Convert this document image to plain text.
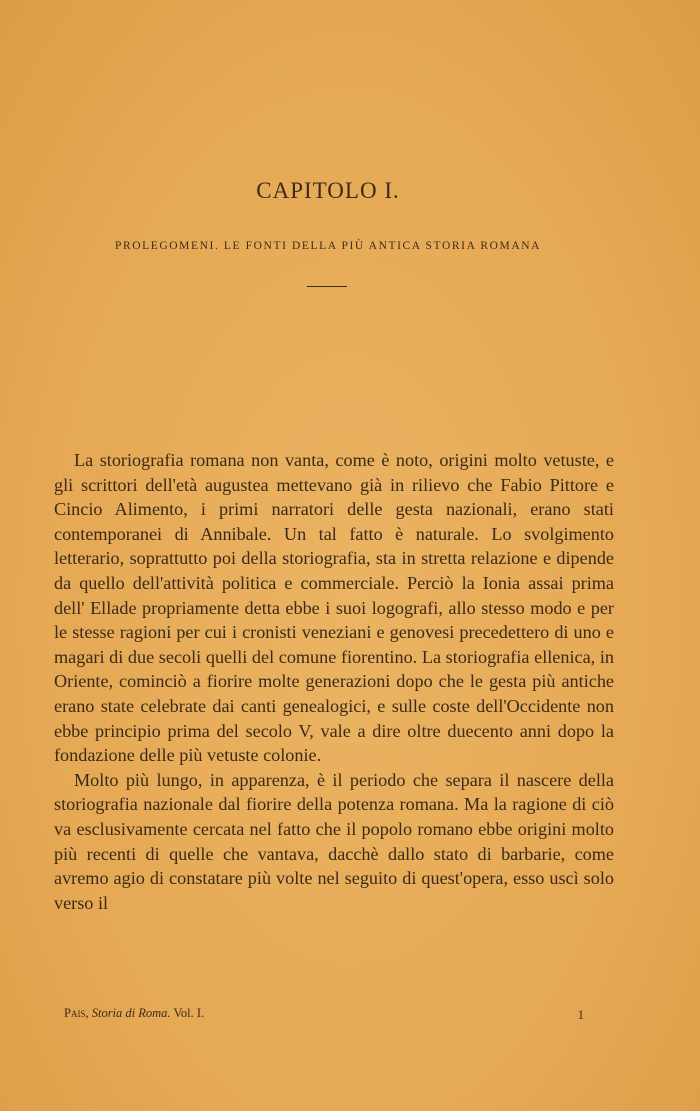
CAPITOLO I.
PROLEGOMENI. LE FONTI DELLA PIÙ ANTICA STORIA ROMANA

La storiografia romana non vanta, come è noto, origini molto vetuste, e gli scrittori dell'età augustea mettevano già in rilievo che Fabio Pittore e Cincio Alimento, i primi narratori delle gesta nazionali, erano stati contemporanei di Annibale. Un tal fatto è naturale. Lo svolgimento letterario, soprattutto poi della storiografia, sta in stretta relazione e dipende da quello dell'attività politica e commerciale. Perciò la Ionia assai prima dell' Ellade propriamente detta ebbe i suoi logografi, allo stesso modo e per le stesse ragioni per cui i cronisti veneziani e genovesi precedettero di uno e magari di due secoli quelli del comune fiorentino. La storiografia ellenica, in Oriente, cominciò a fiorire molte generazioni dopo che le gesta più antiche erano state celebrate dai canti genealogici, e sulle coste dell'Occidente non ebbe principio prima del secolo V, vale a dire oltre duecento anni dopo la fondazione delle più vetuste colonie.

Molto più lungo, in apparenza, è il periodo che separa il nascere della storiografia nazionale dal fiorire della potenza romana. Ma la ragione di ciò va esclusivamente cercata nel fatto che il popolo romano ebbe origini molto più recenti di quelle che vantava, dacchè dallo stato di barbarie, come avremo agio di constatare più volte nel seguito di quest'opera, esso uscì solo verso il

Pais, Storia di Roma. Vol. I.	1
